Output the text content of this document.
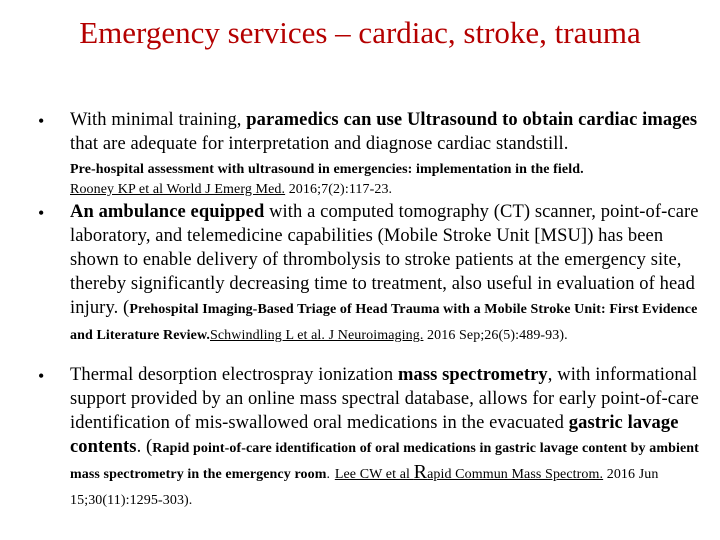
Emergency services – cardiac, stroke, trauma
• With minimal training, paramedics can use Ultrasound to obtain cardiac images that are adequate for interpretation and diagnose cardiac standstill.
Pre-hospital assessment with ultrasound in emergencies: implementation in the field.
Rooney KP et al World J Emerg Med. 2016;7(2):117-23.
• An ambulance equipped with a computed tomography (CT) scanner, point-of-care laboratory, and telemedicine capabilities (Mobile Stroke Unit [MSU]) has been shown to enable delivery of thrombolysis to stroke patients at the emergency site, thereby significantly decreasing time to treatment, also useful in evaluation of head injury. (Prehospital Imaging-Based Triage of Head Trauma with a Mobile Stroke Unit: First Evidence and Literature Review.Schwindling L et al. J Neuroimaging. 2016 Sep;26(5):489-93).
• Thermal desorption electrospray ionization mass spectrometry, with informational support provided by an online mass spectral database, allows for early point-of-care identification of mis-swallowed oral medications in the evacuated gastric lavage contents. (Rapid point-of-care identification of oral medications in gastric lavage content by ambient mass spectrometry in the emergency room. Lee CW et al Rapid Commun Mass Spectrom. 2016 Jun 15;30(11):1295-303).
